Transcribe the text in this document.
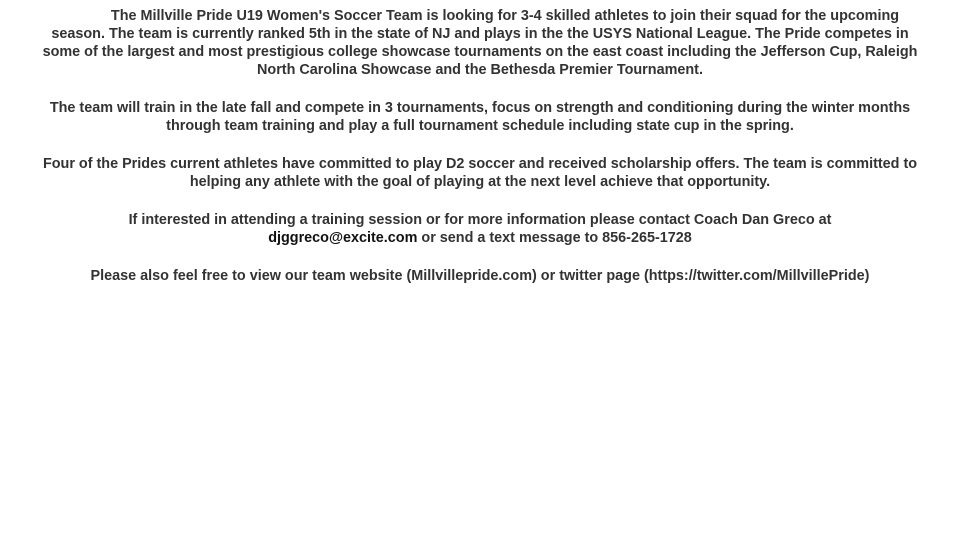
The Millville Pride U19 Women's Soccer Team is looking for 3-4 skilled athletes to join their squad for the upcoming season. The team is currently ranked 5th in the state of NJ and plays in the the USYS National League. The Pride competes in some of the largest and most prestigious college showcase tournaments on the east coast including the Jefferson Cup, Raleigh North Carolina Showcase and the Bethesda Premier Tournament.

The team will train in the late fall and compete in 3 tournaments, focus on strength and conditioning during the winter months through team training and play a full tournament schedule including state cup in the spring.

Four of the Prides current athletes have committed to play D2 soccer and received scholarship offers. The team is committed to helping any athlete with the goal of playing at the next level achieve that opportunity.

If interested in attending a training session or for more information please contact Coach Dan Greco at
djggreco@excite.com or send a text message to 856-265-1728

Please also feel free to view our team website (Millvillepride.com) or twitter page (https://twitter.com/MillvillePride)
